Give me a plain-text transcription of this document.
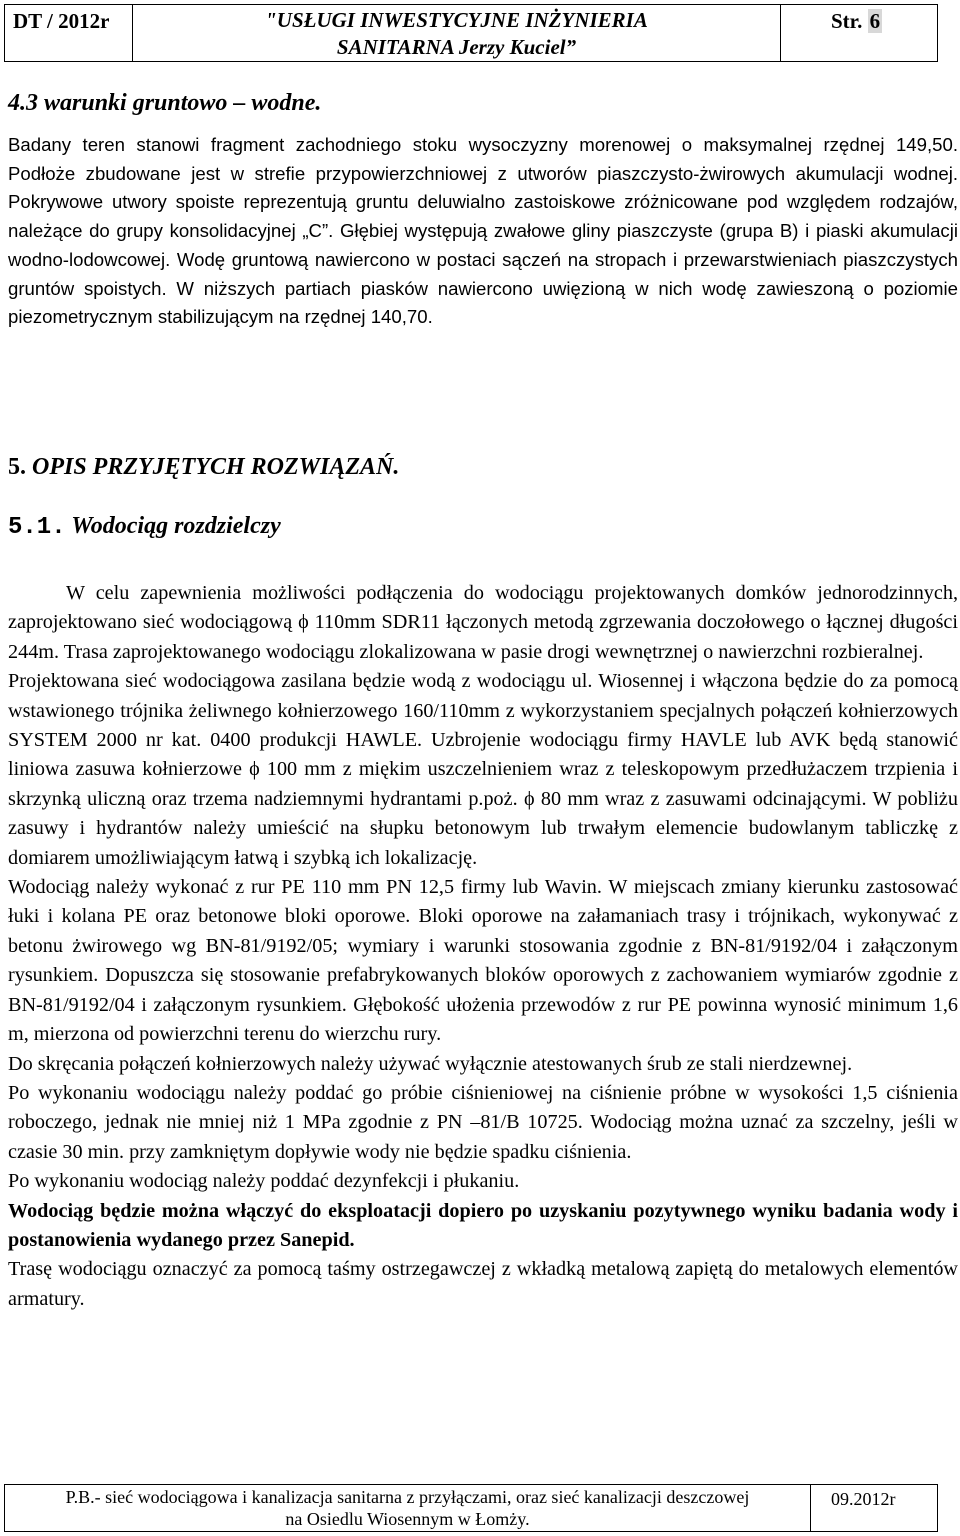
DT / 2012r	"USŁUGI INWESTYCYJNE INŻYNIERIA
SANITARNA Jerzy Kuciel”
Str. 6
4.3 warunki gruntowo – wodne.

Badany teren stanowi fragment zachodniego stoku wysoczyzny morenowej o maksymalnej rzędnej 149,50. Podłoże zbudowane jest w strefie przypowierzchniowej z utworów piaszczysto-żwirowych akumulacji wodnej. Pokrywowe utwory spoiste reprezentują gruntu deluwialno zastoiskowe zróżnicowane pod względem rodzajów, należące do grupy konsolidacyjnej „C”. Głębiej występują zwałowe gliny piaszczyste (grupa B) i piaski akumulacji wodno-lodowcowej. Wodę gruntową nawiercono w postaci sączeń na stropach i przewarstwieniach piaszczystych gruntów spoistych. W niższych partiach piasków nawiercono uwięzioną w nich wodę zawieszoną o poziomie piezometrycznym stabilizującym na rzędnej 140,70.

5. OPIS PRZYJĘTYCH ROZWIĄZAŃ.
5.1. Wodociąg rozdzielczy

W celu zapewnienia możliwości podłączenia do wodociągu projektowanych domków jednorodzinnych, zaprojektowano sieć wodociągową ϕ 110mm SDR11 łączonych metodą zgrzewania doczołowego o łącznej długości 244m. Trasa zaprojektowanego wodociągu zlokalizowana w pasie drogi wewnętrznej o nawierzchni rozbieralnej.

Projektowana sieć wodociągowa zasilana będzie wodą z wodociągu ul. Wiosennej i włączona będzie do za pomocą wstawionego trójnika żeliwnego kołnierzowego 160/110mm z wykorzystaniem specjalnych połączeń kołnierzowych SYSTEM 2000 nr kat. 0400 produkcji HAWLE. Uzbrojenie wodociągu firmy HAVLE lub AVK będą stanowić liniowa zasuwa kołnierzowe ϕ 100 mm z miękim uszczelnieniem wraz z teleskopowym przedłużaczem trzpienia i skrzynką uliczną oraz trzema nadziemnymi hydrantami p.poż. ϕ 80 mm wraz z zasuwami odcinającymi. W pobliżu zasuwy i hydrantów należy umieścić na słupku betonowym lub trwałym elemencie budowlanym tabliczkę z domiarem umożliwiającym łatwą i szybką ich lokalizację.

Wodociąg należy wykonać z rur PE 110 mm PN 12,5 firmy lub Wavin. W miejscach zmiany kierunku zastosować łuki i kolana PE oraz betonowe bloki oporowe. Bloki oporowe na załamaniach trasy i trójnikach, wykonywać z betonu żwirowego wg BN-81/9192/05; wymiary i warunki stosowania zgodnie z BN-81/9192/04 i załączonym rysunkiem. Dopuszcza się stosowanie prefabrykowanych bloków oporowych z zachowaniem wymiarów zgodnie z BN-81/9192/04 i załączonym rysunkiem. Głębokość ułożenia przewodów z rur PE powinna wynosić minimum 1,6 m, mierzona od powierzchni terenu do wierzchu rury.

Do skręcania połączeń kołnierzowych należy używać wyłącznie atestowanych śrub ze stali nierdzewnej.

Po wykonaniu wodociągu należy poddać go próbie ciśnieniowej na ciśnienie próbne w wysokości 1,5 ciśnienia roboczego, jednak nie mniej niż 1 MPa zgodnie z PN –81/B 10725. Wodociąg można uznać za szczelny, jeśli w czasie 30 min. przy zamkniętym dopływie wody nie będzie spadku ciśnienia.

Po wykonaniu wodociąg należy poddać dezynfekcji i płukaniu.

Wodociąg będzie można włączyć do eksploatacji dopiero po uzyskaniu pozytywnego wyniku badania wody i postanowienia wydanego przez Sanepid.

Trasę wodociągu oznaczyć za pomocą taśmy ostrzegawczej z wkładką metalową zapiętą do metalowych elementów armatury.

P.B.- sieć wodociągowa i kanalizacja sanitarna z przyłączami, oraz sieć kanalizacji deszczowej
na Osiedlu Wiosennym w Łomży.
09.2012r
